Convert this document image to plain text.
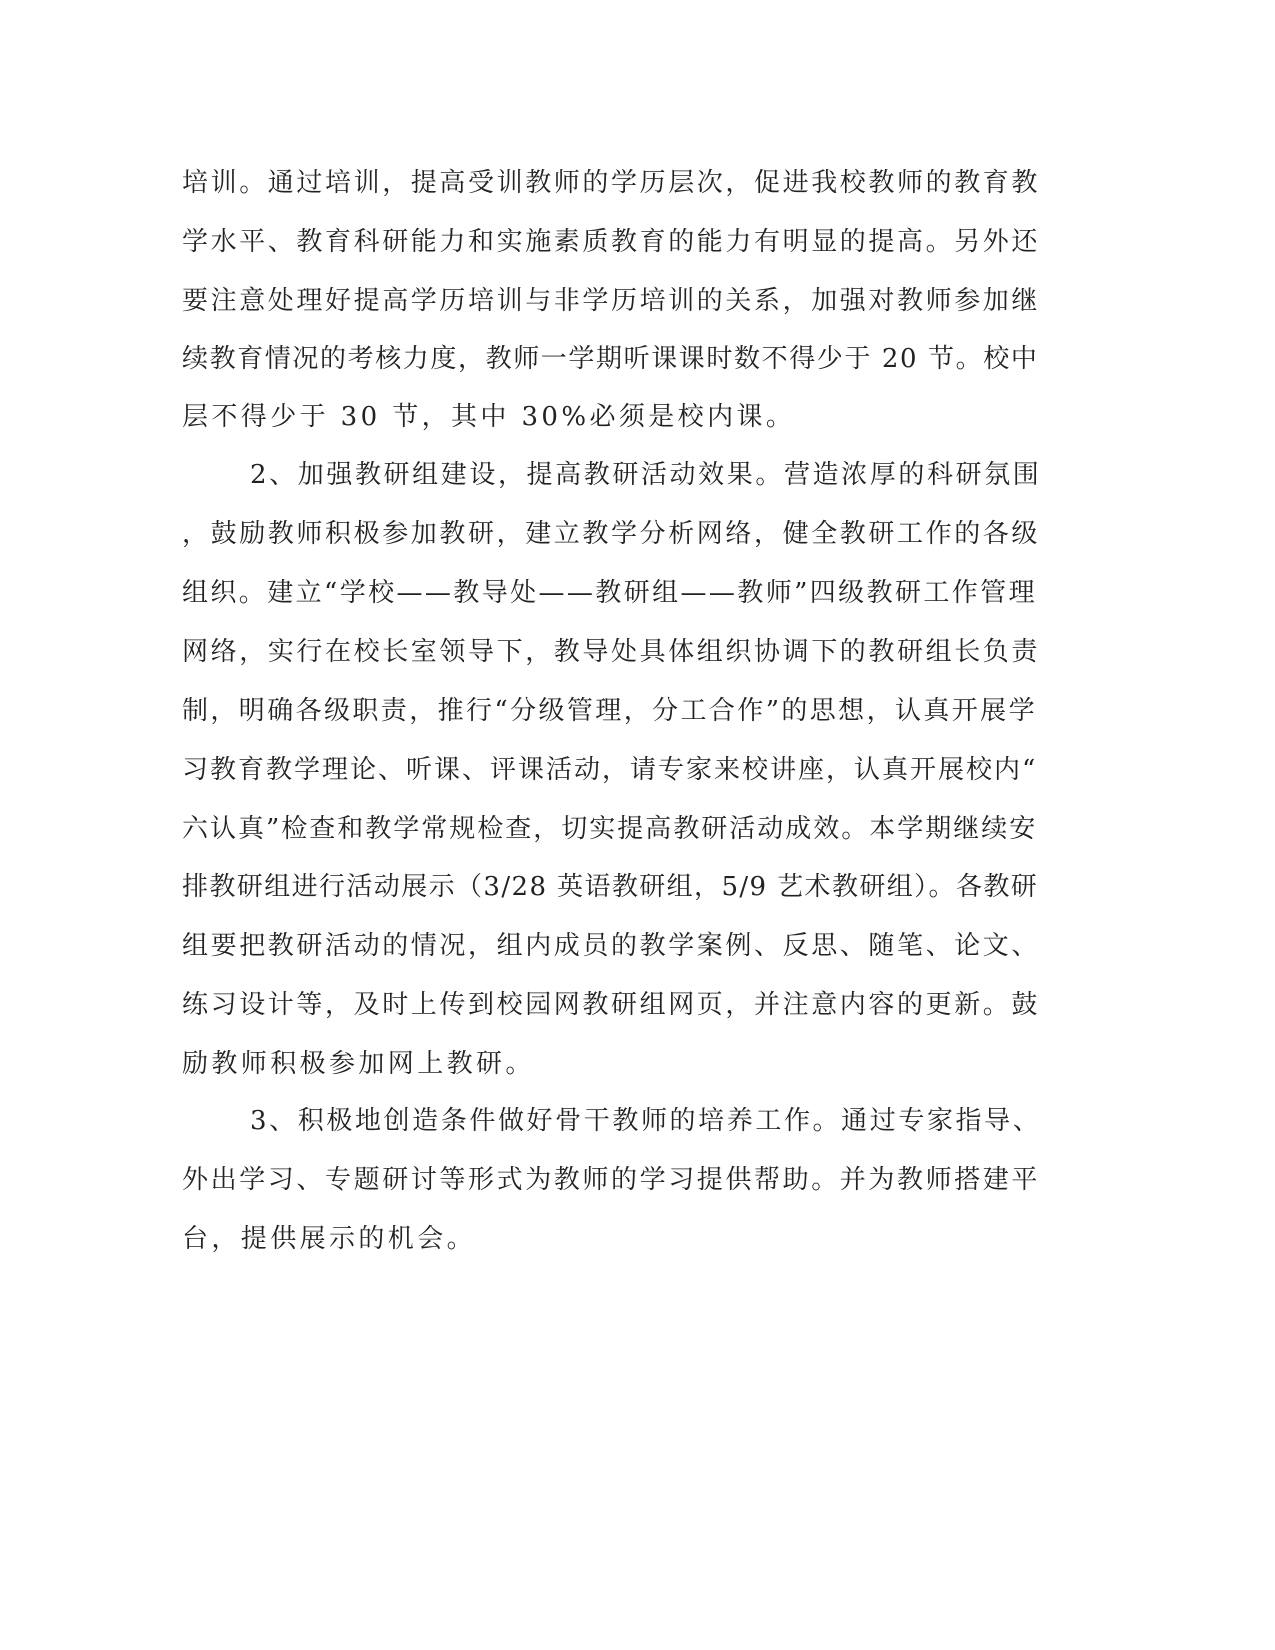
培训。通过培训，提高受训教师的学历层次，促进我校教师的教育教
学水平、教育科研能力和实施素质教育的能力有明显的提高。另外还
要注意处理好提高学历培训与非学历培训的关系，加强对教师参加继
续教育情况的考核力度，教师一学期听课课时数不得少于 20 节。校中
层不得少于 30 节，其中 30%必须是校内课。
2、加强教研组建设，提高教研活动效果。营造浓厚的科研氛围
，鼓励教师积极参加教研，建立教学分析网络，健全教研工作的各级
组织。建立“学校——教导处——教研组——教师”四级教研工作管理
网络，实行在校长室领导下，教导处具体组织协调下的教研组长负责
制，明确各级职责，推行“分级管理，分工合作”的思想，认真开展学
习教育教学理论、听课、评课活动，请专家来校讲座，认真开展校内“
六认真”检查和教学常规检查，切实提高教研活动成效。本学期继续安
排教研组进行活动展示（3/28 英语教研组，5/9 艺术教研组）。各教研
组要把教研活动的情况，组内成员的教学案例、反思、随笔、论文、
练习设计等，及时上传到校园网教研组网页，并注意内容的更新。鼓
励教师积极参加网上教研。
3、积极地创造条件做好骨干教师的培养工作。通过专家指导、
外出学习、专题研讨等形式为教师的学习提供帮助。并为教师搭建平
台，提供展示的机会。
